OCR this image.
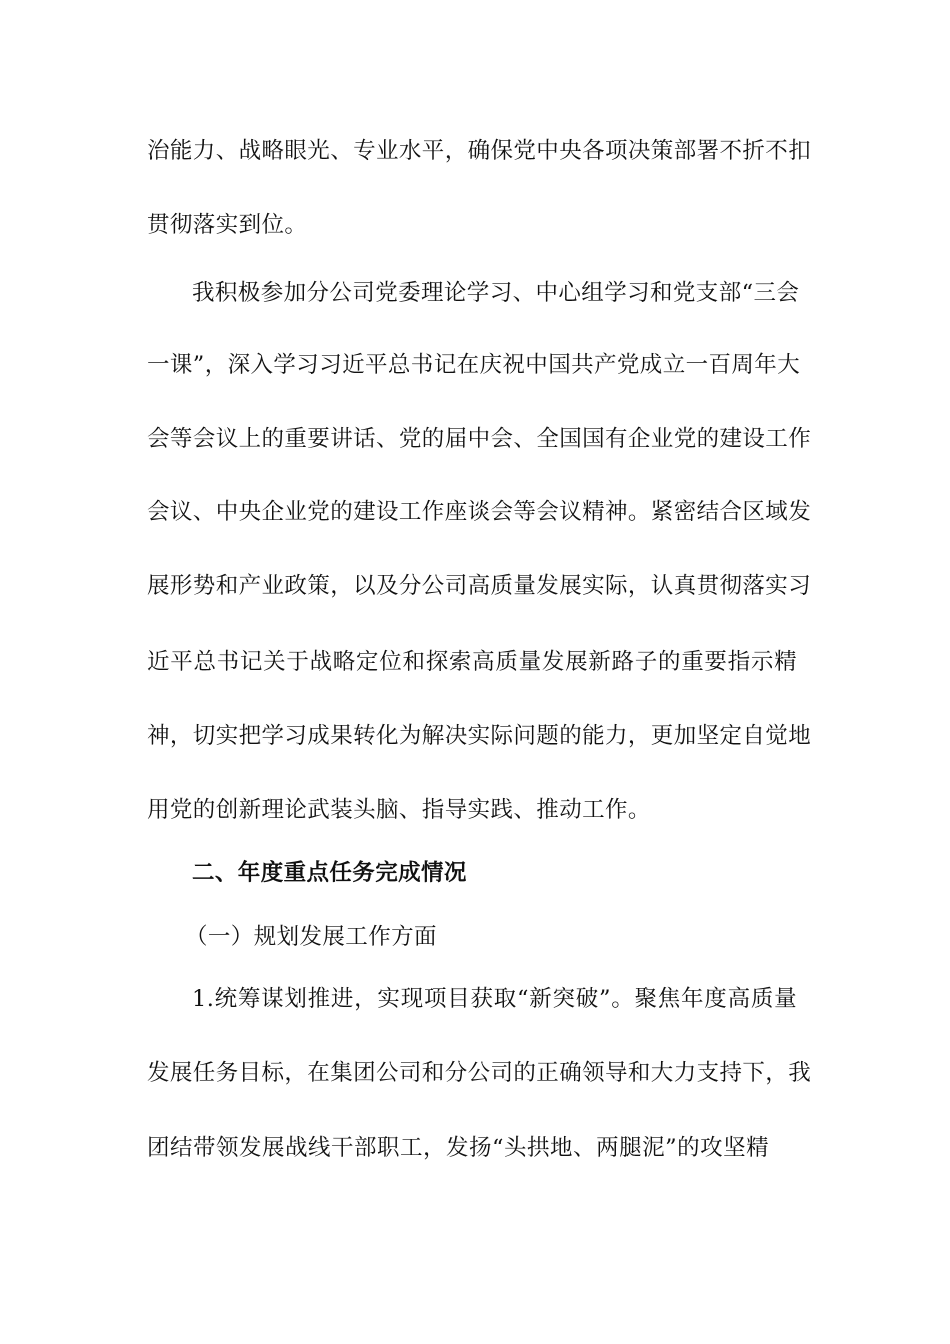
治能力、战略眼光、专业水平，确保党中央各项决策部署不折不扣
贯彻落实到位。
我积极参加分公司党委理论学习、中心组学习和党支部“三会
一课”，深入学习习近平总书记在庆祝中国共产党成立一百周年大
会等会议上的重要讲话、党的届中会、全国国有企业党的建设工作
会议、中央企业党的建设工作座谈会等会议精神。紧密结合区域发
展形势和产业政策，以及分公司高质量发展实际，认真贯彻落实习
近平总书记关于战略定位和探索高质量发展新路子的重要指示精
神，切实把学习成果转化为解决实际问题的能力，更加坚定自觉地
用党的创新理论武装头脑、指导实践、推动工作。
二、年度重点任务完成情况
（一）规划发展工作方面
1.统筹谋划推进，实现项目获取“新突破”。聚焦年度高质量
发展任务目标，在集团公司和分公司的正确领导和大力支持下，我
团结带领发展战线干部职工，发扬“头拱地、两腿泥”的攻坚精
